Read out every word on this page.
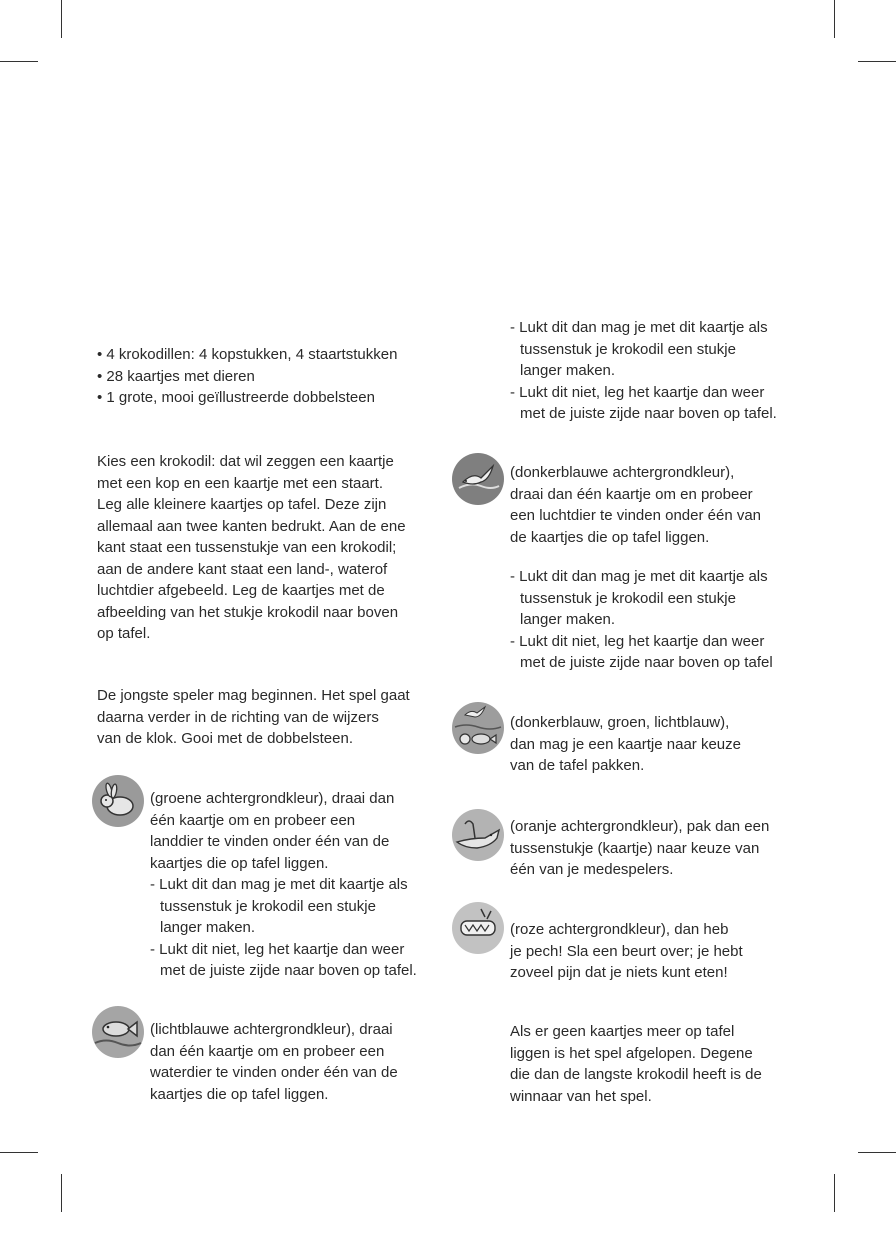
• 4 krokodillen: 4 kopstukken, 4 staartstukken

• 28 kaartjes met dieren

• 1 grote, mooi geïllustreerde dobbelsteen

Kies een krokodil: dat wil zeggen een kaartje

met een kop en een kaartje met een staart.

Leg alle kleinere kaartjes op tafel. Deze zijn

allemaal aan twee kanten bedrukt. Aan de ene

kant staat een tussenstukje van een krokodil;

aan de andere kant staat een land-, waterof

luchtdier afgebeeld. Leg de kaartjes met de

afbeelding van het stukje krokodil naar boven

op tafel.

De jongste speler mag beginnen. Het spel gaat

daarna verder in de richting van de wijzers

van de klok. Gooi met de dobbelsteen.

(groene achtergrondkleur), draai dan

één kaartje om en probeer een

landdier te vinden onder één van de

kaartjes die op tafel liggen.

- Lukt dit dan mag je met dit kaartje als
tussenstuk je krokodil een stukje
langer maken.

- Lukt dit niet, leg het kaartje dan weer
met de juiste zijde naar boven op tafel.

(lichtblauwe achtergrondkleur), draai

dan één kaartje om en probeer een

waterdier te vinden onder één van de

kaartjes die op tafel liggen.

- Lukt dit dan mag je met dit kaartje als
tussenstuk je krokodil een stukje
langer maken.

- Lukt dit niet, leg het kaartje dan weer
met de juiste zijde naar boven op tafel.

(donkerblauwe achtergrondkleur),

draai dan één kaartje om en probeer

een luchtdier te vinden onder één van

de kaartjes die op tafel liggen.

- Lukt dit dan mag je met dit kaartje als
tussenstuk je krokodil een stukje
langer maken.

- Lukt dit niet, leg het kaartje dan weer
met de juiste zijde naar boven op tafel

(donkerblauw, groen, lichtblauw),

dan mag je een kaartje naar keuze

van de tafel pakken.

(oranje achtergrondkleur), pak dan een

tussenstukje (kaartje) naar keuze van

één van je medespelers.

(roze achtergrondkleur), dan heb

je pech! Sla een beurt over; je hebt

zoveel pijn dat je niets kunt eten!

Als er geen kaartjes meer op tafel

liggen is het spel afgelopen. Degene

die dan de langste krokodil heeft is de

winnaar van het spel.
